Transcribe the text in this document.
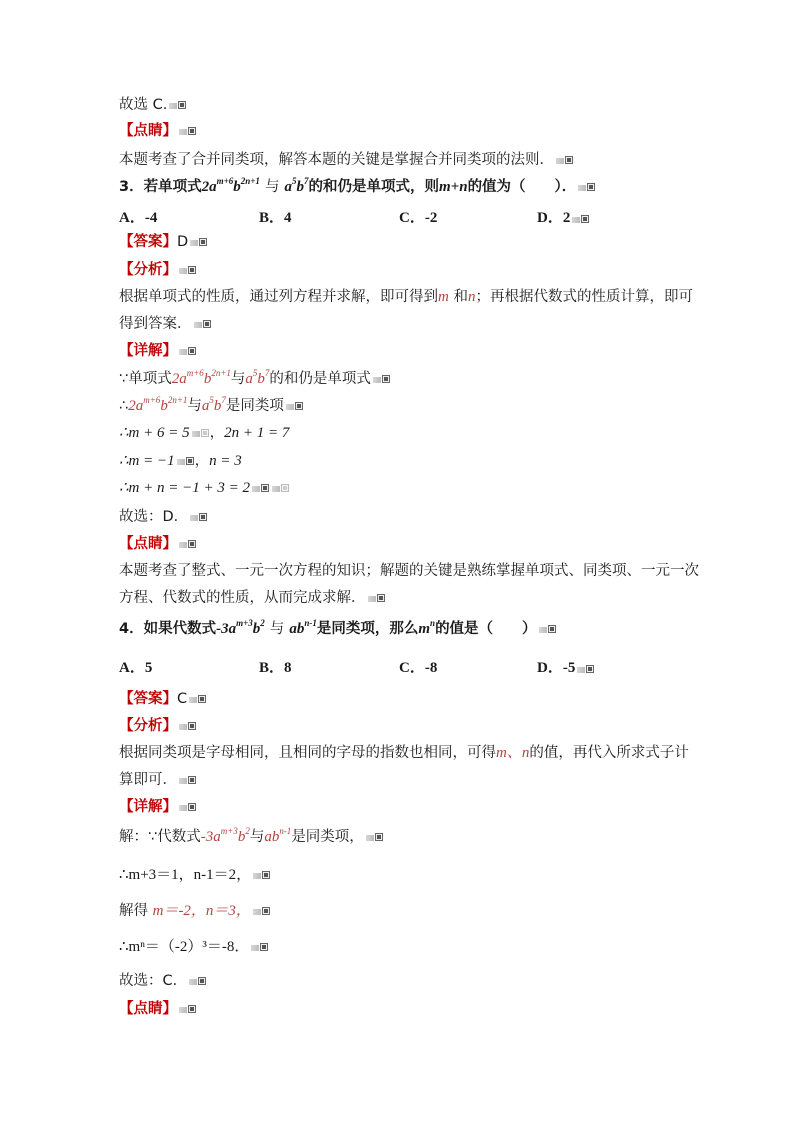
故选 C.
【点睛】
本题考查了合并同类项，解答本题的关键是掌握合并同类项的法则．
3．若单项式$2a^{m+6}b^{2n+1}$ 与 $a^5b^7$的和仍是单项式，则m+n的值为（　　）．
A．-4	B．4	C．-2	D．2
【答案】D
【分析】
根据单项式的性质，通过列方程并求解，即可得到m 和n；再根据代数式的性质计算，即可
得到答案．
【详解】
∵单项式$2a^{m+6}b^{2n+1}$与$a^5b^7$的和仍是单项式
$\therefore 2a^{m+6}b^{2n+1}$与$a^5b^7$是同类项
∴m + 6 = 5 ，2n + 1 = 7
∴m = −1 ，n = 3
∴m + n = −1 + 3 = 2
故选：D．
【点睛】
本题考查了整式、一元一次方程的知识；解题的关键是熟练掌握单项式、同类项、一元一次
方程、代数式的性质，从而完成求解．
4．如果代数式$-3a^{m+3}b^2$ 与 $ab^{n-1}$是同类项，那么$m^n$的值是（　　）
A．5	B．8	C．-8	D．-5
【答案】C
【分析】
根据同类项是字母相同，且相同的字母的指数也相同，可得m、n的值，再代入所求式子计
算即可．
【详解】
解：∵代数式$-3a^{m+3}b^2$与$ab^{n-1}$是同类项，
∴m+3＝1，n-1＝2，
解得 m＝-2，n＝3，
∴mⁿ＝（-2）³＝-8．
故选：C．
【点睛】
